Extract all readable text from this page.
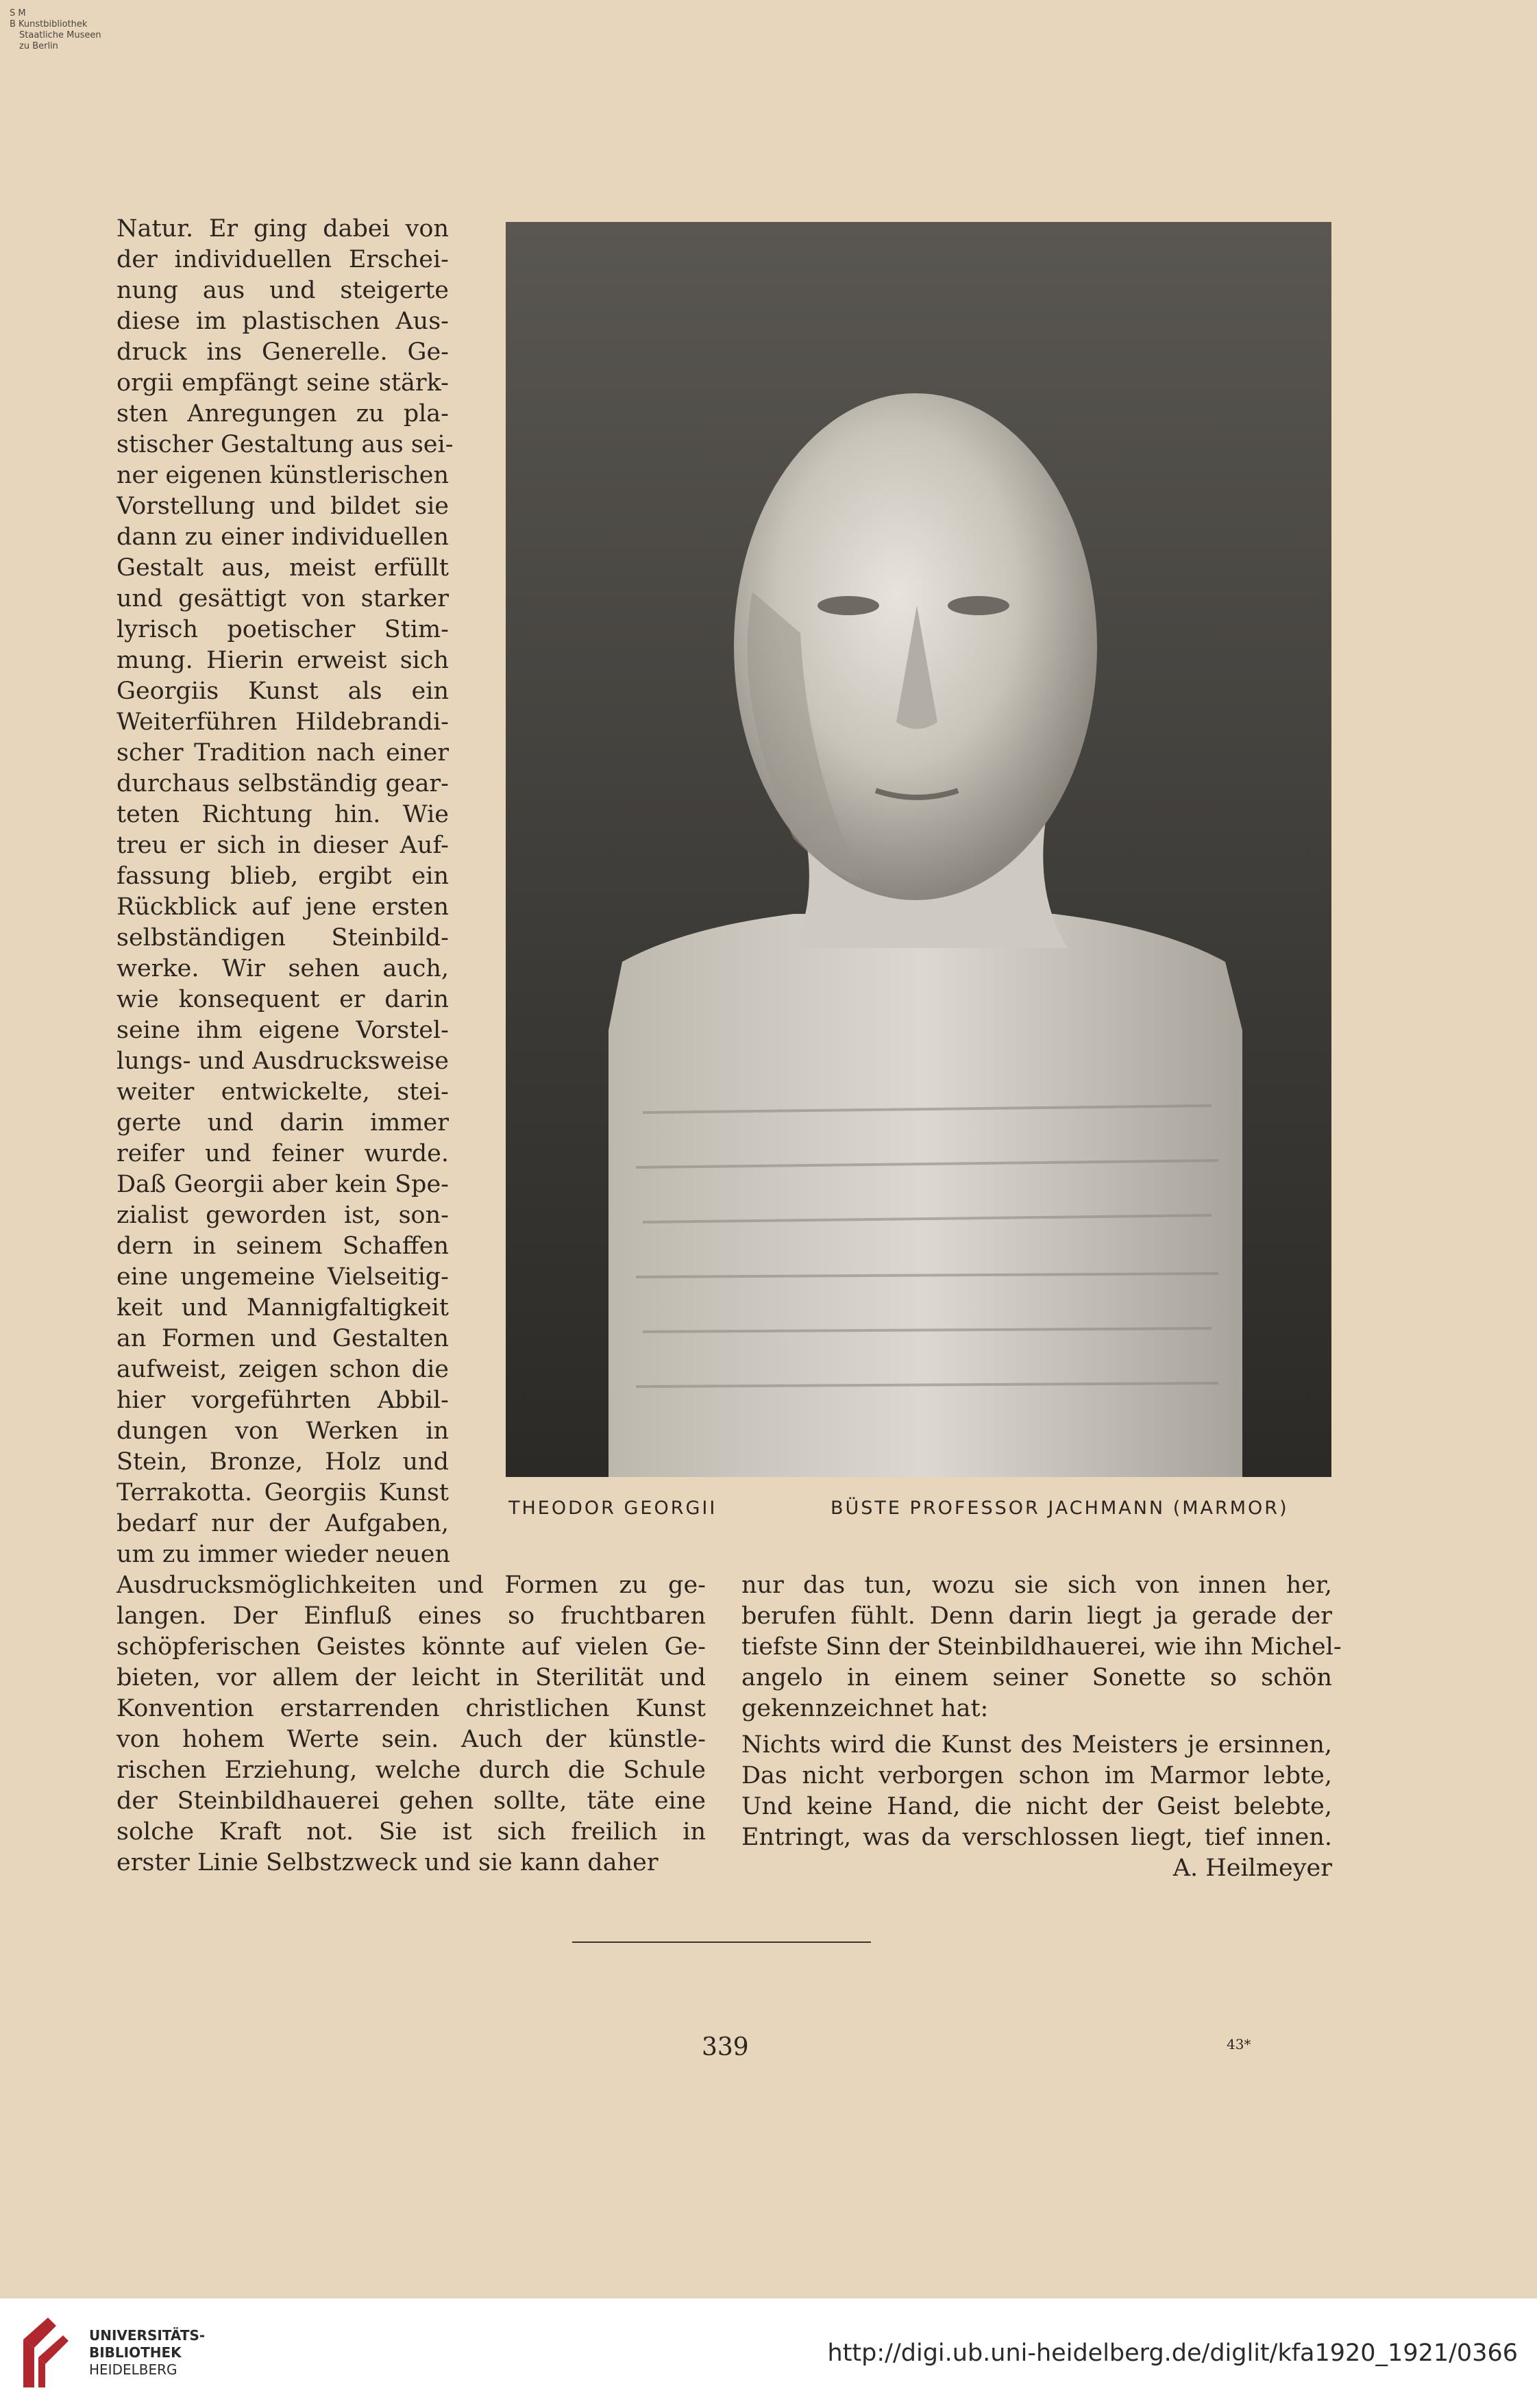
S M
B Kunstbibliothek
Staatliche Museen
zu Berlin
Natur. Er ging dabei von
der individuellen Erschei-
nung aus und steigerte
diese im plastischen Aus-
druck ins Generelle. Ge-
orgii empfängt seine stärk-
sten Anregungen zu pla-
stischer Gestaltung aus sei-
ner eigenen künstlerischen
Vorstellung und bildet sie
dann zu einer individuellen
Gestalt aus, meist erfüllt
und gesättigt von starker
lyrisch poetischer Stim-
mung. Hierin erweist sich
Georgiis Kunst als ein
Weiterführen Hildebrandi-
scher Tradition nach einer
durchaus selbständig gear-
teten Richtung hin. Wie
treu er sich in dieser Auf-
fassung blieb, ergibt ein
Rückblick auf jene ersten
selbständigen Steinbild-
werke. Wir sehen auch,
wie konsequent er darin
seine ihm eigene Vorstel-
lungs- und Ausdrucksweise
weiter entwickelte, stei-
gerte und darin immer
reifer und feiner wurde.
Daß Georgii aber kein Spe-
zialist geworden ist, son-
dern in seinem Schaffen
eine ungemeine Vielseitig-
keit und Mannigfaltigkeit
an Formen und Gestalten
aufweist, zeigen schon die
hier vorgeführten Abbil-
dungen von Werken in
Stein, Bronze, Holz und
Terrakotta. Georgiis Kunst
bedarf nur der Aufgaben,
um zu immer wieder neuen
THEODOR GEORGII	BÜSTE PROFESSOR JACHMANN (MARMOR)
Ausdrucksmöglichkeiten und Formen zu ge-
langen. Der Einfluß eines so fruchtbaren
schöpferischen Geistes könnte auf vielen Ge-
bieten, vor allem der leicht in Sterilität und
Konvention erstarrenden christlichen Kunst
von hohem Werte sein. Auch der künstle-
rischen Erziehung, welche durch die Schule
der Steinbildhauerei gehen sollte, täte eine
solche Kraft not. Sie ist sich freilich in
erster Linie Selbstzweck und sie kann daher
nur das tun, wozu sie sich von innen her,
berufen fühlt. Denn darin liegt ja gerade der
tiefste Sinn der Steinbildhauerei, wie ihn Michel-
angelo in einem seiner Sonette so schön
gekennzeichnet hat:
Nichts wird die Kunst des Meisters je ersinnen,
Das nicht verborgen schon im Marmor lebte,
Und keine Hand, die nicht der Geist belebte,
Entringt, was da verschlossen liegt, tief innen.
A. Heilmeyer
339	43*
UNIVERSITÄTS-
BIBLIOTHEK
HEIDELBERG
http://digi.ub.uni-heidelberg.de/diglit/kfa1920_1921/0366
